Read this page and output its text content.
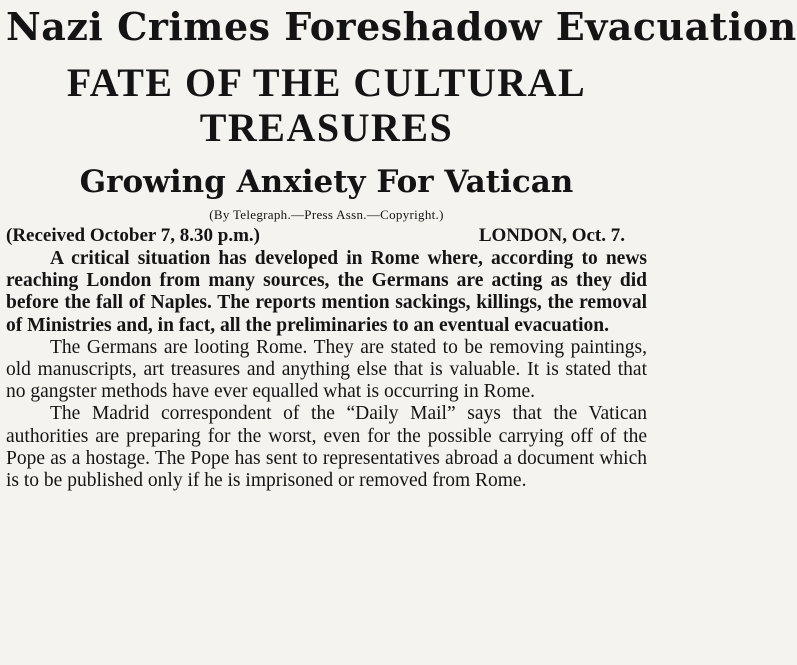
Nazi Crimes Foreshadow Evacuation
FATE OF THE CULTURAL TREASURES
Growing Anxiety For Vatican
(By Telegraph.—Press Assn.—Copyright.)
(Received October 7, 8.30 p.m.)	LONDON, Oct. 7.

A critical situation has developed in Rome where, according to news reaching London from many sources, the Germans are acting as they did before the fall of Naples. The reports mention sackings, killings, the removal of Ministries and, in fact, all the preliminaries to an eventual evacuation.

The Germans are looting Rome. They are stated to be removing paintings, old manuscripts, art treasures and anything else that is valuable. It is stated that no gangster methods have ever equalled what is occurring in Rome.

The Madrid correspondent of the “Daily Mail” says that the Vatican authorities are preparing for the worst, even for the possible carrying off of the Pope as a hostage. The Pope has sent to representatives abroad a document which is to be published only if he is imprisoned or removed from Rome.
